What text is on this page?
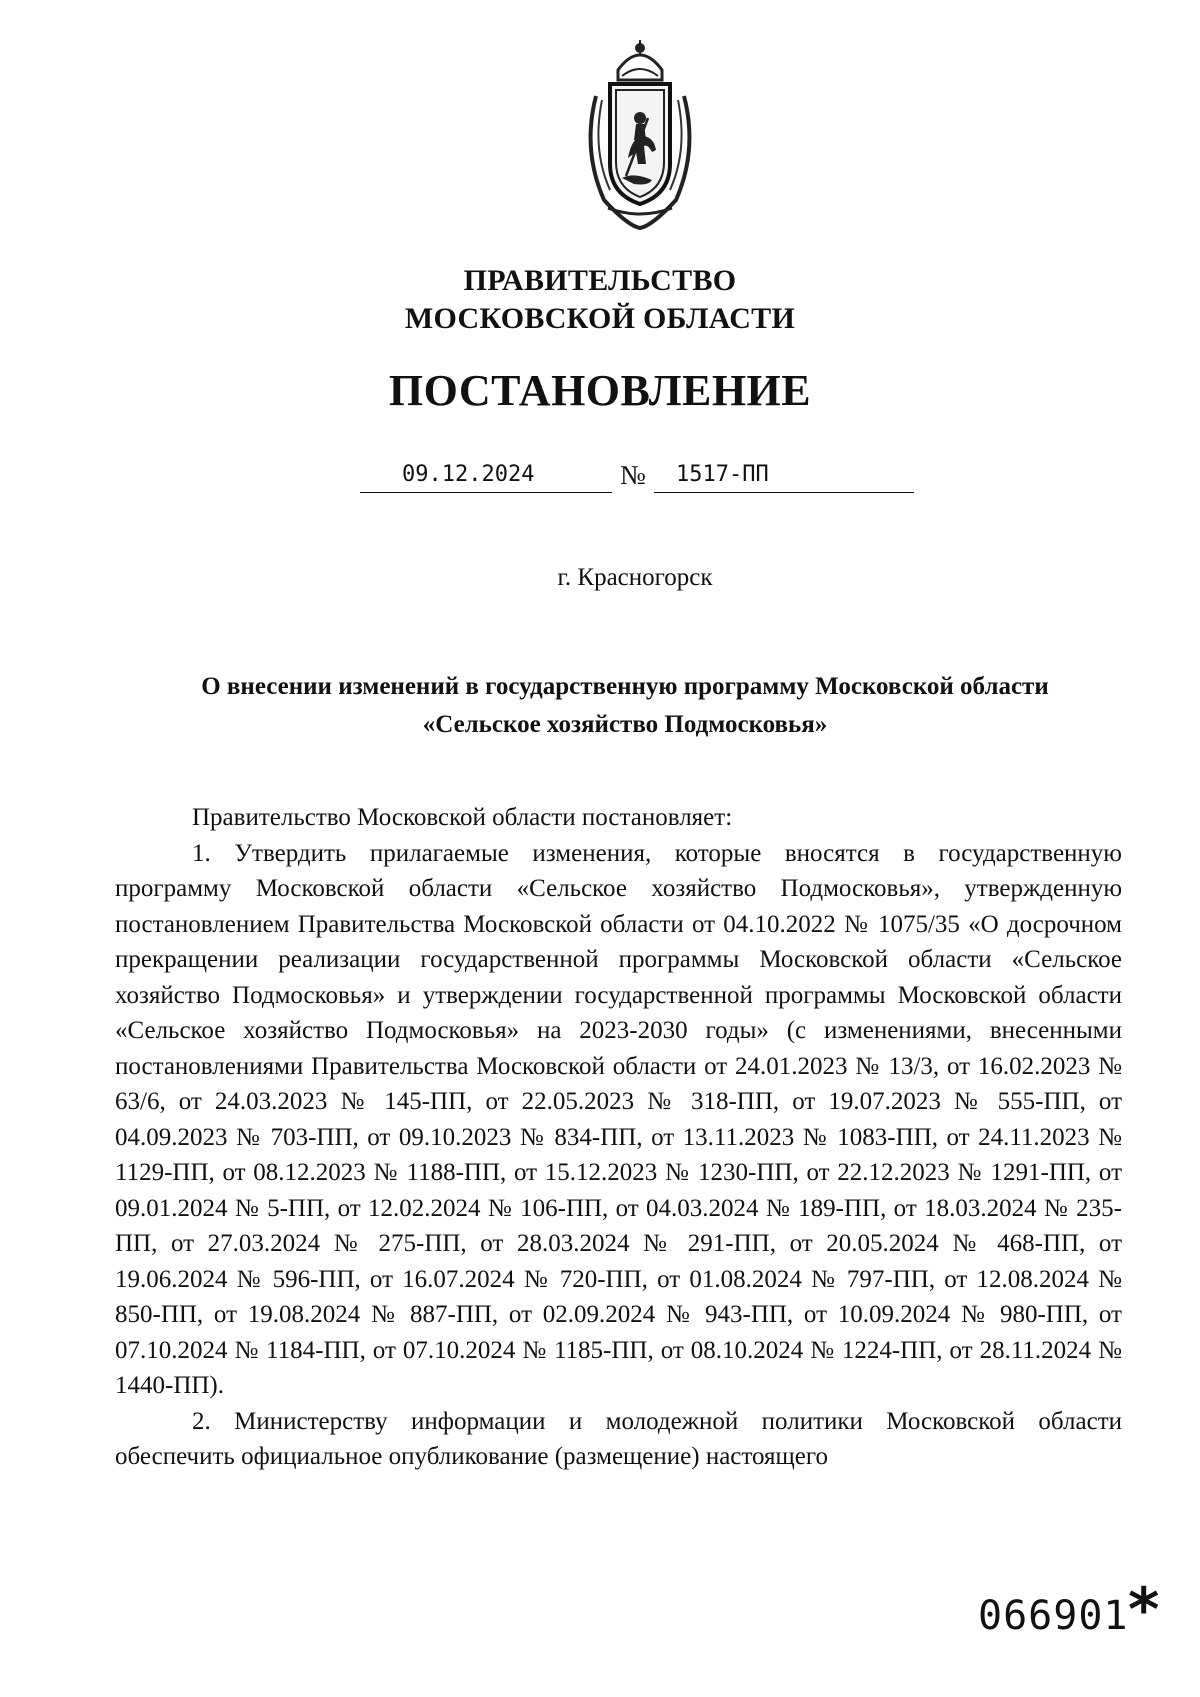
ПРАВИТЕЛЬСТВО
МОСКОВСКОЙ ОБЛАСТИ
ПОСТАНОВЛЕНИЕ
09.12.2024	№	1517-ПП
г. Красногорск
О внесении изменений в государственную программу Московской области
«Сельское хозяйство Подмосковья»

Правительство Московской области постановляет:

1. Утвердить прилагаемые изменения, которые вносятся в государственную программу Московской области «Сельское хозяйство Подмосковья», утвержденную постановлением Правительства Московской области от 04.10.2022 № 1075/35 «О досрочном прекращении реализации государственной программы Московской области «Сельское хозяйство Подмосковья» и утверждении государственной программы Московской области «Сельское хозяйство Подмосковья» на 2023-2030 годы» (с изменениями, внесенными постановлениями Правительства Московской области от 24.01.2023 № 13/3, от 16.02.2023 № 63/6, от 24.03.2023 № 145-ПП, от 22.05.2023 № 318-ПП, от 19.07.2023 № 555-ПП, от 04.09.2023 № 703-ПП, от 09.10.2023 № 834-ПП, от 13.11.2023 № 1083-ПП, от 24.11.2023 № 1129-ПП, от 08.12.2023 № 1188-ПП, от 15.12.2023 № 1230-ПП, от 22.12.2023 № 1291-ПП, от 09.01.2024 № 5-ПП, от 12.02.2024 № 106-ПП, от 04.03.2024 № 189-ПП, от 18.03.2024 № 235-ПП, от 27.03.2024 № 275-ПП, от 28.03.2024 № 291-ПП, от 20.05.2024 № 468-ПП, от 19.06.2024 № 596-ПП, от 16.07.2024 № 720-ПП, от 01.08.2024 № 797-ПП, от 12.08.2024 № 850-ПП, от 19.08.2024 № 887-ПП, от 02.09.2024 № 943-ПП, от 10.09.2024 № 980-ПП, от 07.10.2024 № 1184-ПП, от 07.10.2024 № 1185-ПП, от 08.10.2024 № 1224-ПП, от 28.11.2024 № 1440-ПП).

2. Министерству информации и молодежной политики Московской области обеспечить официальное опубликование (размещение) настоящего

066901 *
